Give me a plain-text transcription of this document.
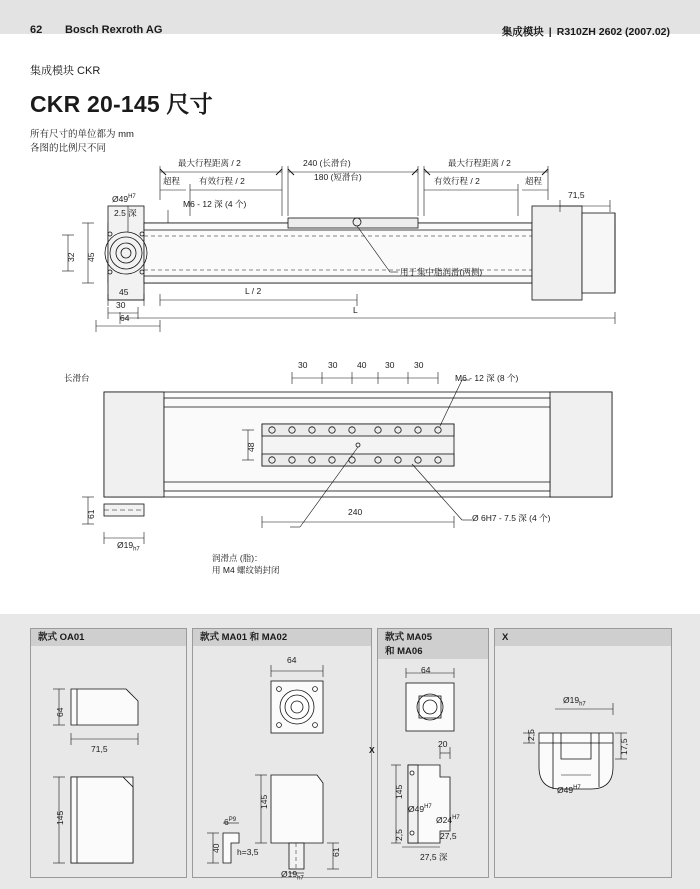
62 Bosch Rexroth AG	集成模块 | R310ZH 2602 (2007.02)
集成模块 CKR
CKR 20-145 尺寸
所有尺寸的单位都为 mm
各图的比例尺不同
最大行程距离 / 2	最大行程距离 / 2
240 (长滑台)
180 (短滑台)
超程	超程
有效行程 / 2	有效行程 / 2
71,5
$Ø49^{H7}$
2.5 深
M6 - 12 深 (4 个)
32 45
45
30
64
L / 2
L
用于集中脂润滑(两侧)
长滑台
30 30 40 30 30
M6 - 12 深 (8 个)
48
240
61
$Ø19_{h7}$
Ø 6H7 - 7.5 深 (4 个)
润滑点 (脂)：
用 M4 螺纹销封闭
款式 OA01
64
71,5
145
款式 MA01 和 MA02
64
145
$6^{P9}$
40 h=3,5	61
$Ø19_{h7}$
款式 MA05
和 MA06
64
X
20
145
2,5
$Ø49^{H7}$
$Ø24^{H7}$
27,5
27,5 深
X
$Ø19_{h7}$
2,5
17,5
$Ø49^{H7}$
